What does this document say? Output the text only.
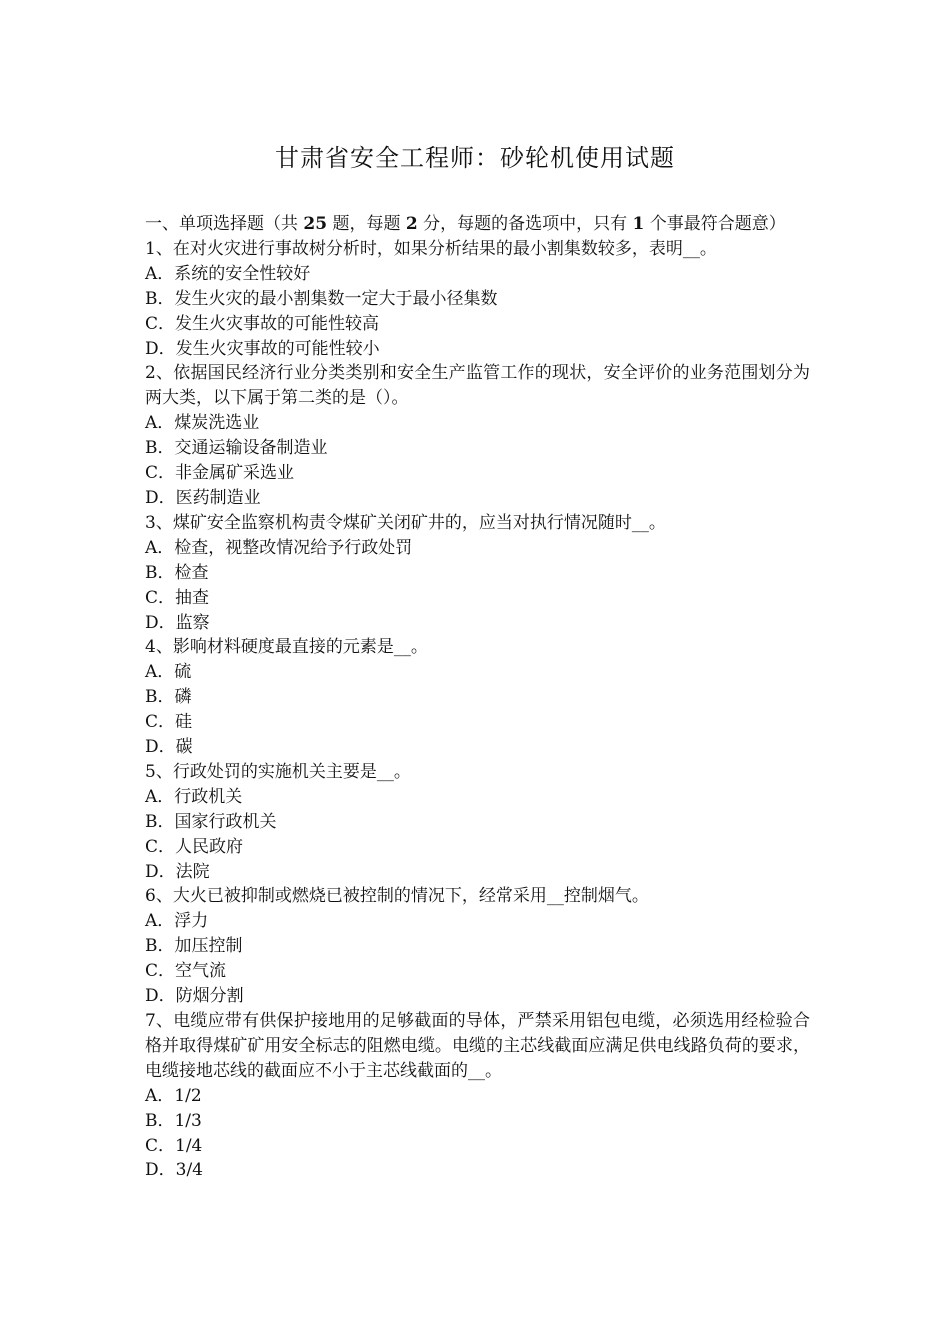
甘肃省安全工程师：砂轮机使用试题
一、单项选择题（共 25 题，每题 2 分，每题的备选项中，只有 1 个事最符合题意）
1、在对火灾进行事故树分析时，如果分析结果的最小割集数较多，表明__。
A．系统的安全性较好
B．发生火灾的最小割集数一定大于最小径集数
C．发生火灾事故的可能性较高
D．发生火灾事故的可能性较小
2、依据国民经济行业分类类别和安全生产监管工作的现状，安全评价的业务范围划分为两大类，以下属于第二类的是（）。
A．煤炭洗选业
B．交通运输设备制造业
C．非金属矿采选业
D．医药制造业
3、煤矿安全监察机构责令煤矿关闭矿井的，应当对执行情况随时__。
A．检查，视整改情况给予行政处罚
B．检查
C．抽查
D．监察
4、影响材料硬度最直接的元素是__。
A．硫
B．磷
C．硅
D．碳
5、行政处罚的实施机关主要是__。
A．行政机关
B．国家行政机关
C．人民政府
D．法院
6、大火已被抑制或燃烧已被控制的情况下，经常采用__控制烟气。
A．浮力
B．加压控制
C．空气流
D．防烟分割
7、电缆应带有供保护接地用的足够截面的导体，严禁采用铝包电缆，必须选用经检验合格并取得煤矿矿用安全标志的阻燃电缆。电缆的主芯线截面应满足供电线路负荷的要求，电缆接地芯线的截面应不小于主芯线截面的__。
A．1/2
B．1/3
C．1/4
D．3/4
